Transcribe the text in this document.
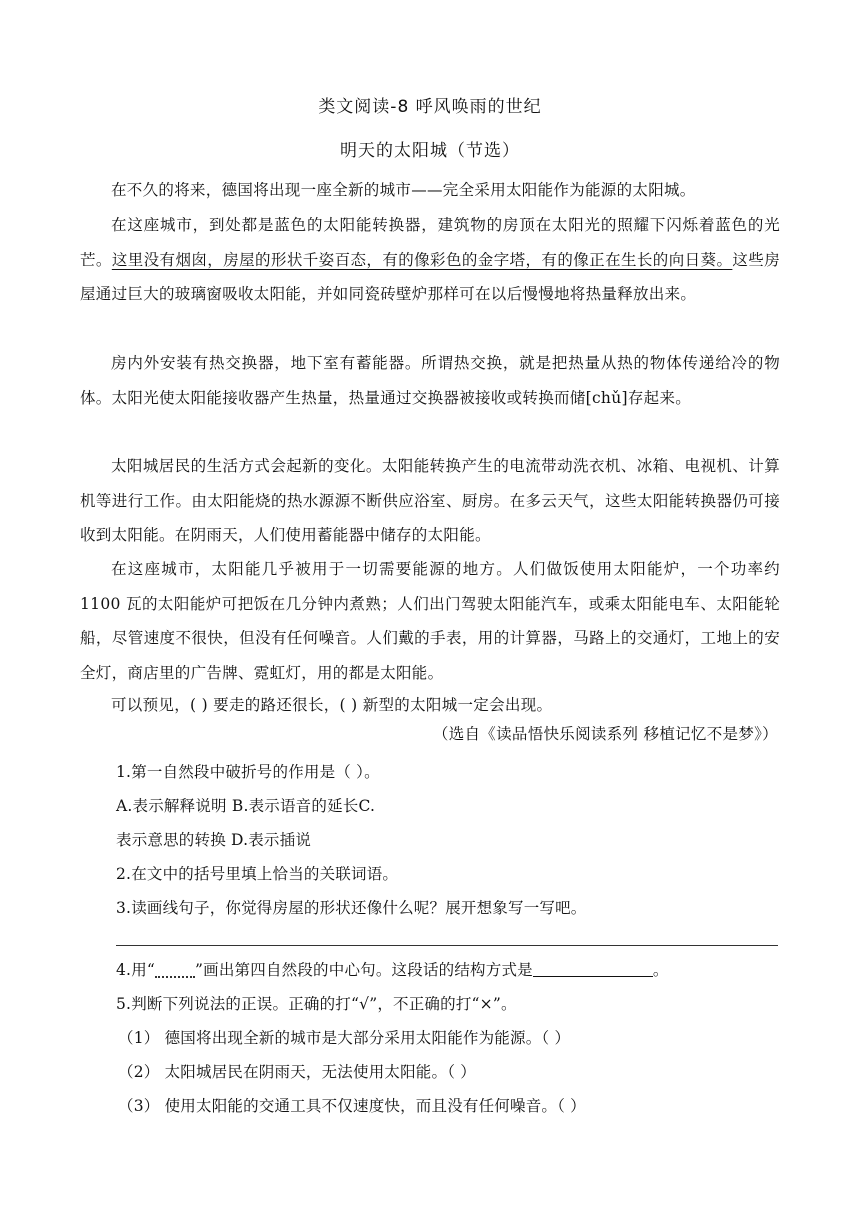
类文阅读-8 呼风唤雨的世纪
明天的太阳城（节选）
在不久的将来，德国将出现一座全新的城市——完全采用太阳能作为能源的太阳城。
在这座城市，到处都是蓝色的太阳能转换器，建筑物的房顶在太阳光的照耀下闪烁着蓝色的光芒。这里没有烟囱，房屋的形状千姿百态，有的像彩色的金字塔，有的像正在生长的向日葵。这些房屋通过巨大的玻璃窗吸收太阳能，并如同瓷砖壁炉那样可在以后慢慢地将热量释放出来。
房内外安装有热交换器，地下室有蓄能器。所谓热交换，就是把热量从热的物体传递给冷的物体。太阳光使太阳能接收器产生热量，热量通过交换器被接收或转换而储[chǔ]存起来。
太阳城居民的生活方式会起新的变化。太阳能转换产生的电流带动洗衣机、冰箱、电视机、计算机等进行工作。由太阳能烧的热水源源不断供应浴室、厨房。在多云天气，这些太阳能转换器仍可接收到太阳能。在阴雨天，人们使用蓄能器中储存的太阳能。
在这座城市，太阳能几乎被用于一切需要能源的地方。人们做饭使用太阳能炉，一个功率约 1100 瓦的太阳能炉可把饭在几分钟内煮熟；人们出门驾驶太阳能汽车，或乘太阳能电车、太阳能轮船，尽管速度不很快，但没有任何噪音。人们戴的手表，用的计算器，马路上的交通灯，工地上的安全灯，商店里的广告牌、霓虹灯，用的都是太阳能。
可以预见，( ) 要走的路还很长，( ) 新型的太阳城一定会出现。
（选自《读品悟快乐阅读系列 移植记忆不是梦》）
1.第一自然段中破折号的作用是（ ）。
A.表示解释说明 B.表示语音的延长C.
表示意思的转换 D.表示插说
2.在文中的括号里填上恰当的关联词语。
3.读画线句子，你觉得房屋的形状还像什么呢？展开想象写一写吧。
4.用“	”画出第四自然段的中心句。这段话的结构方式是	。
5.判断下列说法的正误。正确的打“√”，不正确的打“×”。
（1） 德国将出现全新的城市是大部分采用太阳能作为能源。（ ）
（2） 太阳城居民在阴雨天，无法使用太阳能。（ ）
（3） 使用太阳能的交通工具不仅速度快，而且没有任何噪音。（ ）
